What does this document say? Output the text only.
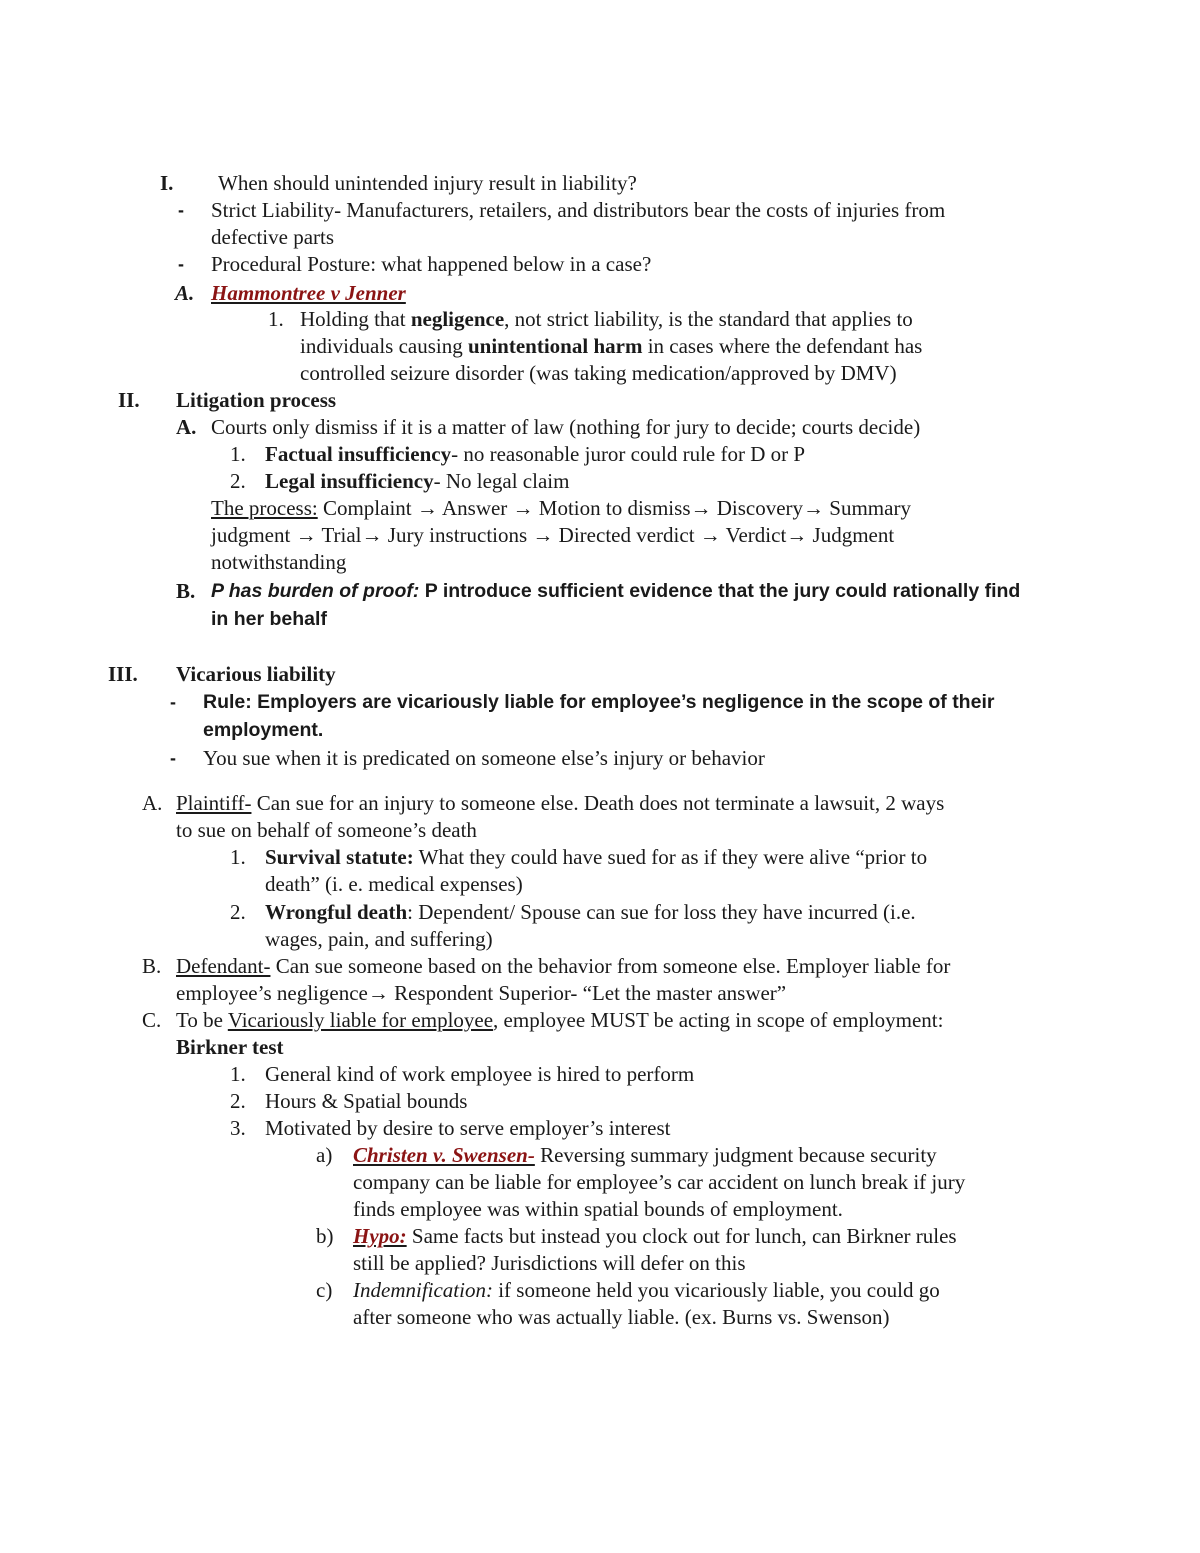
I. When should unintended injury result in liability?
- Strict Liability- Manufacturers, retailers, and distributors bear the costs of injuries from
defective parts
- Procedural Posture: what happened below in a case?
A. Hammontree v Jenner
1. Holding that negligence, not strict liability, is the standard that applies to
individuals causing unintentional harm in cases where the defendant has
controlled seizure disorder (was taking medication/approved by DMV)
II. Litigation process
A. Courts only dismiss if it is a matter of law (nothing for jury to decide; courts decide)
1. Factual insufficiency- no reasonable juror could rule for D or P
2. Legal insufficiency- No legal claim
The process: Complaint → Answer → Motion to dismiss→ Discovery→ Summary
judgment → Trial→ Jury instructions → Directed verdict → Verdict→ Judgment
notwithstanding
B. P has burden of proof: P introduce sufficient evidence that the jury could rationally find
in her behalf
III. Vicarious liability
- Rule: Employers are vicariously liable for employee’s negligence in the scope of their
employment.
- You sue when it is predicated on someone else’s injury or behavior
A. Plaintiff- Can sue for an injury to someone else. Death does not terminate a lawsuit, 2 ways
to sue on behalf of someone’s death
1. Survival statute: What they could have sued for as if they were alive “prior to
death” (i. e. medical expenses)
2. Wrongful death: Dependent/ Spouse can sue for loss they have incurred (i.e.
wages, pain, and suffering)
B. Defendant- Can sue someone based on the behavior from someone else. Employer liable for
employee’s negligence→ Respondent Superior- “Let the master answer”
C. To be Vicariously liable for employee, employee MUST be acting in scope of employment:
Birkner test
1. General kind of work employee is hired to perform
2. Hours & Spatial bounds
3. Motivated by desire to serve employer’s interest
a) Christen v. Swensen- Reversing summary judgment because security
company can be liable for employee’s car accident on lunch break if jury
finds employee was within spatial bounds of employment.
b) Hypo: Same facts but instead you clock out for lunch, can Birkner rules
still be applied? Jurisdictions will defer on this
c) Indemnification: if someone held you vicariously liable, you could go
after someone who was actually liable. (ex. Burns vs. Swenson)
